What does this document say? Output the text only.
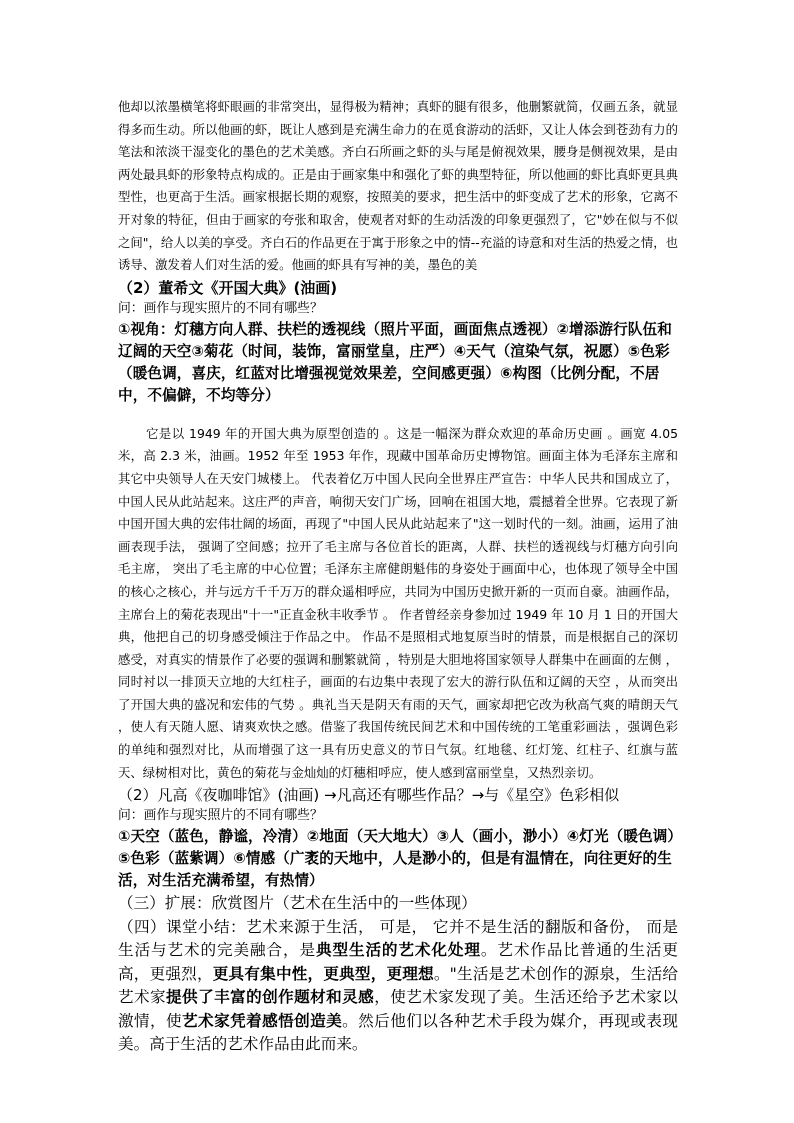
他却以浓墨横笔将虾眼画的非常突出，显得极为精神；真虾的腿有很多，他删繁就简，仅画五条，就显得多而生动。所以他画的虾，既让人感到是充满生命力的在觅食游动的活虾，又让人体会到苍劲有力的笔法和浓淡干湿变化的墨色的艺术美感。齐白石所画之虾的头与尾是俯视效果，腰身是侧视效果，是由两处最具虾的形象特点构成的。正是由于画家集中和强化了虾的典型特征，所以他画的虾比真虾更具典型性，也更高于生活。画家根据长期的观察，按照美的要求，把生活中的虾变成了艺术的形象，它离不开对象的特征，但由于画家的夸张和取舍，使观者对虾的生动活泼的印象更强烈了，它"妙在似与不似之间"，给人以美的享受。齐白石的作品更在于寓于形象之中的情--充溢的诗意和对生活的热爱之情，也诱导、激发着人们对生活的爱。他画的虾具有写神的美，墨色的美

（2）董希文《开国大典》(油画)

问：画作与现实照片的不同有哪些？

①视角：灯穗方向人群、扶栏的透视线（照片平面，画面焦点透视）②增添游行队伍和辽阔的天空③菊花（时间，装饰，富丽堂皇，庄严）④天气（渲染气氛，祝愿）⑤色彩（暖色调，喜庆，红蓝对比增强视觉效果差，空间感更强）⑥构图（比例分配，不居中，不偏僻，不均等分）

它是以 1949 年的开国大典为原型创造的 。这是一幅深为群众欢迎的革命历史画 。画宽 4.05 米，高 2.3 米，油画。1952 年至 1953 年作，现藏中国革命历史博物馆。画面主体为毛泽东主席和其它中央领导人在天安门城楼上。 代表着亿万中国人民向全世界庄严宣告：中华人民共和国成立了，中国人民从此站起来。这庄严的声音，响彻天安门广场，回响在祖国大地，震撼着全世界。它表现了新中国开国大典的宏伟壮阔的场面，再现了"中国人民从此站起来了"这一划时代的一刻。油画，运用了油画表现手法， 强调了空间感；拉开了毛主席与各位首长的距离，人群、扶栏的透视线与灯穗方向引向毛主席， 突出了毛主席的中心位置；毛泽东主席健朗魁伟的身姿处于画面中心，也体现了领导全中国的核心之核心，并与远方千千万万的群众遥相呼应，共同为中国历史掀开新的一页而自豪。油画作品，主席台上的菊花表现出"十一"正直金秋丰收季节 。 作者曾经亲身参加过 1949 年 10 月 1 日的开国大典，他把自己的切身感受倾注于作品之中。 作品不是照相式地复原当时的情景，而是根据自己的深切感受，对真实的情景作了必要的强调和删繁就简 ，特别是大胆地将国家领导人群集中在画面的左侧 ，同时衬以一排顶天立地的大红柱子，画面的右边集中表现了宏大的游行队伍和辽阔的天空 ，从而突出了开国大典的盛况和宏伟的气势 。典礼当天是阴天有雨的天气，画家却把它改为秋高气爽的晴朗天气 ，使人有天随人愿、请爽欢快之感。借鉴了我国传统民间艺术和中国传统的工笔重彩画法 ，强调色彩的单纯和强烈对比，从而增强了这一具有历史意义的节日气氛。红地毯、红灯笼、红柱子、红旗与蓝天、绿树相对比，黄色的菊花与金灿灿的灯穗相呼应，使人感到富丽堂皇，又热烈亲切。

（2）凡高《夜咖啡馆》(油画) →凡高还有哪些作品？→与《星空》色彩相似

问：画作与现实照片的不同有哪些？

①天空（蓝色，静谧，冷清）②地面（天大地大）③人（画小，渺小）④灯光（暖色调）⑤色彩（蓝紫调）⑥情感（广袤的天地中，人是渺小的，但是有温情在，向往更好的生活，对生活充满希望，有热情）

（三）扩展：欣赏图片（艺术在生活中的一些体现）

（四）课堂小结：艺术来源于生活， 可是， 它并不是生活的翻版和备份， 而是生活与艺术的完美融合，是典型生活的艺术化处理。艺术作品比普通的生活更高，更强烈，更具有集中性，更典型，更理想。"生活是艺术创作的源泉，生活给艺术家提供了丰富的创作题材和灵感，使艺术家发现了美。生活还给予艺术家以激情，使艺术家凭着感悟创造美。然后他们以各种艺术手段为媒介，再现或表现美。高于生活的艺术作品由此而来。
